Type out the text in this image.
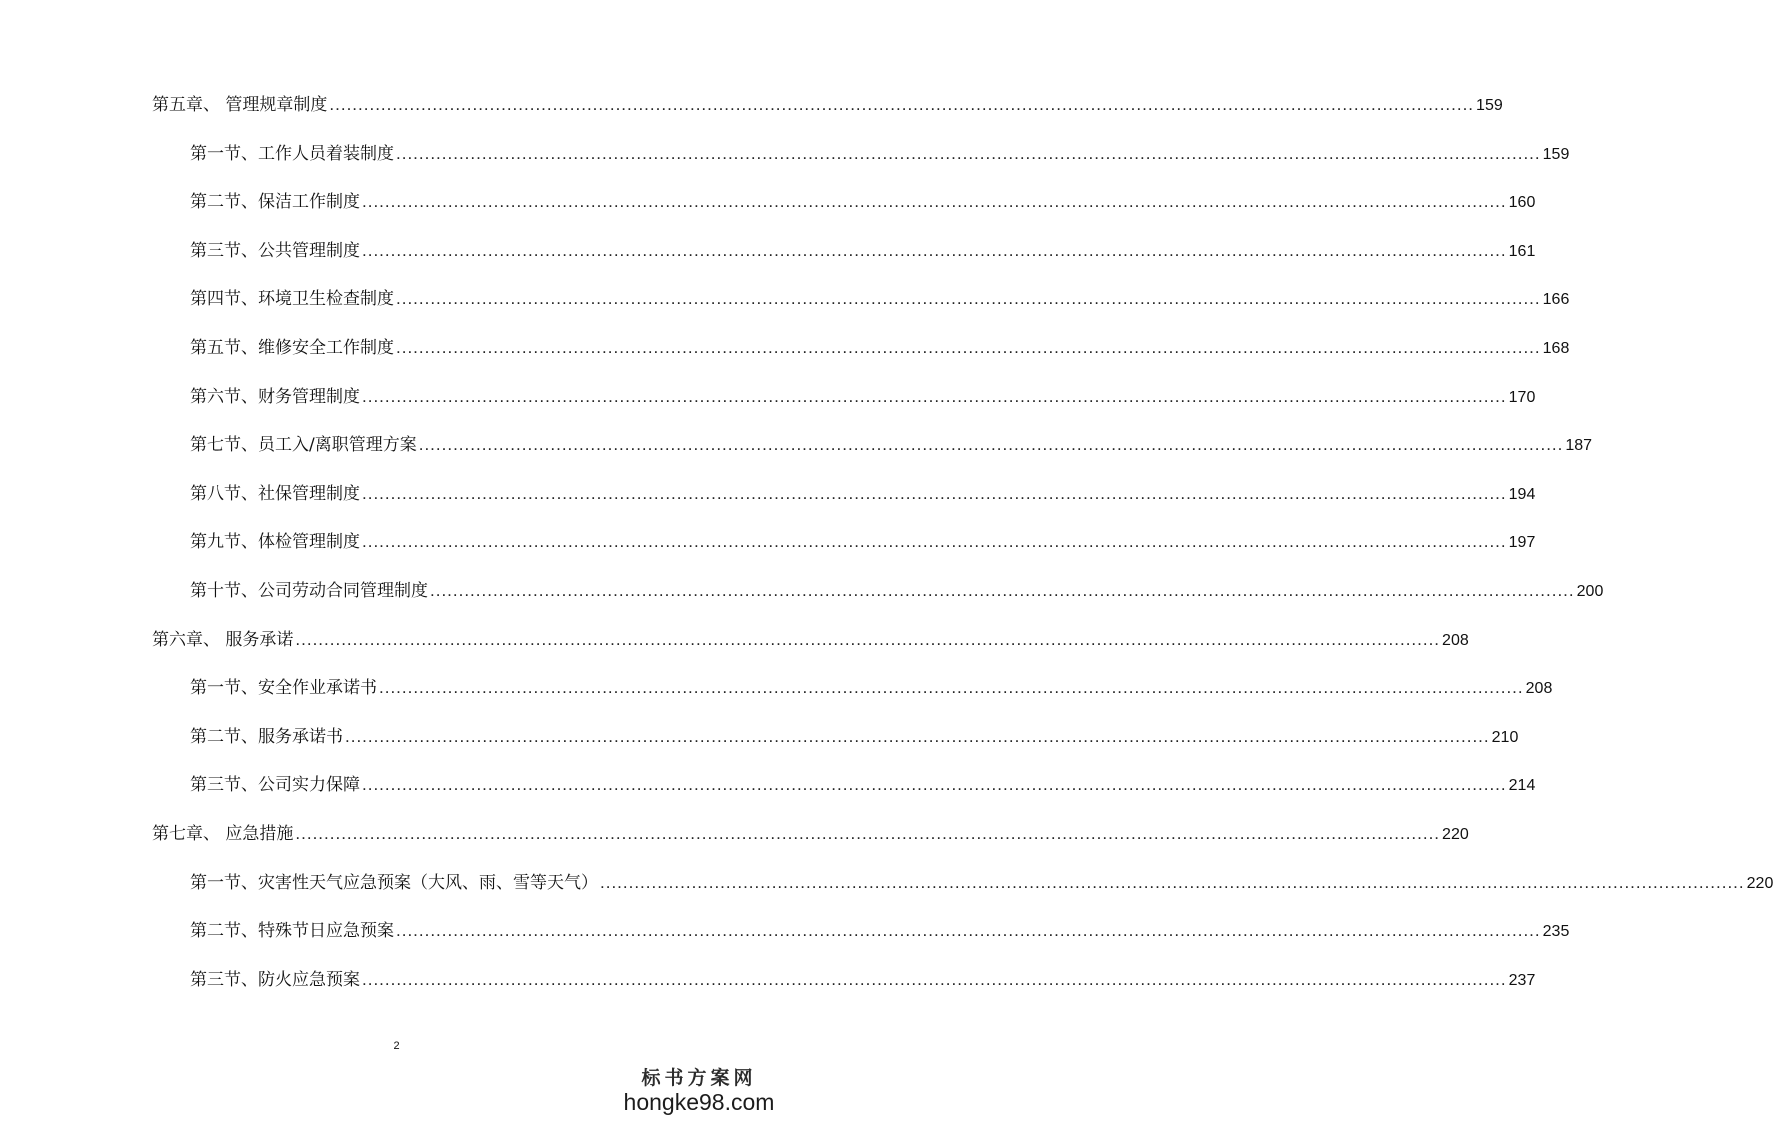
第五章、 管理规章制度 ........................................................................................................................................................................................................ 159
第一节、工作人员着装制度 ........................................................................................................................................................................................................ 159
第二节、保洁工作制度 ........................................................................................................................................................................................................ 160
第三节、公共管理制度 ........................................................................................................................................................................................................ 161
第四节、环境卫生检查制度 ........................................................................................................................................................................................................ 166
第五节、维修安全工作制度 ........................................................................................................................................................................................................ 168
第六节、财务管理制度 ........................................................................................................................................................................................................ 170
第七节、员工入/离职管理方案 ........................................................................................................................................................................................................ 187
第八节、社保管理制度 ........................................................................................................................................................................................................ 194
第九节、体检管理制度 ........................................................................................................................................................................................................ 197
第十节、公司劳动合同管理制度 ........................................................................................................................................................................................................ 200
第六章、 服务承诺 ........................................................................................................................................................................................................ 208
第一节、安全作业承诺书 ........................................................................................................................................................................................................ 208
第二节、服务承诺书 ........................................................................................................................................................................................................ 210
第三节、公司实力保障 ........................................................................................................................................................................................................ 214
第七章、 应急措施 ........................................................................................................................................................................................................ 220
第一节、灾害性天气应急预案（大风、雨、雪等天气） ........................................................................................................................................................................................................ 220
第二节、特殊节日应急预案 ........................................................................................................................................................................................................ 235
第三节、防火应急预案 ........................................................................................................................................................................................................ 237
2
标书方案网
hongke98.com
